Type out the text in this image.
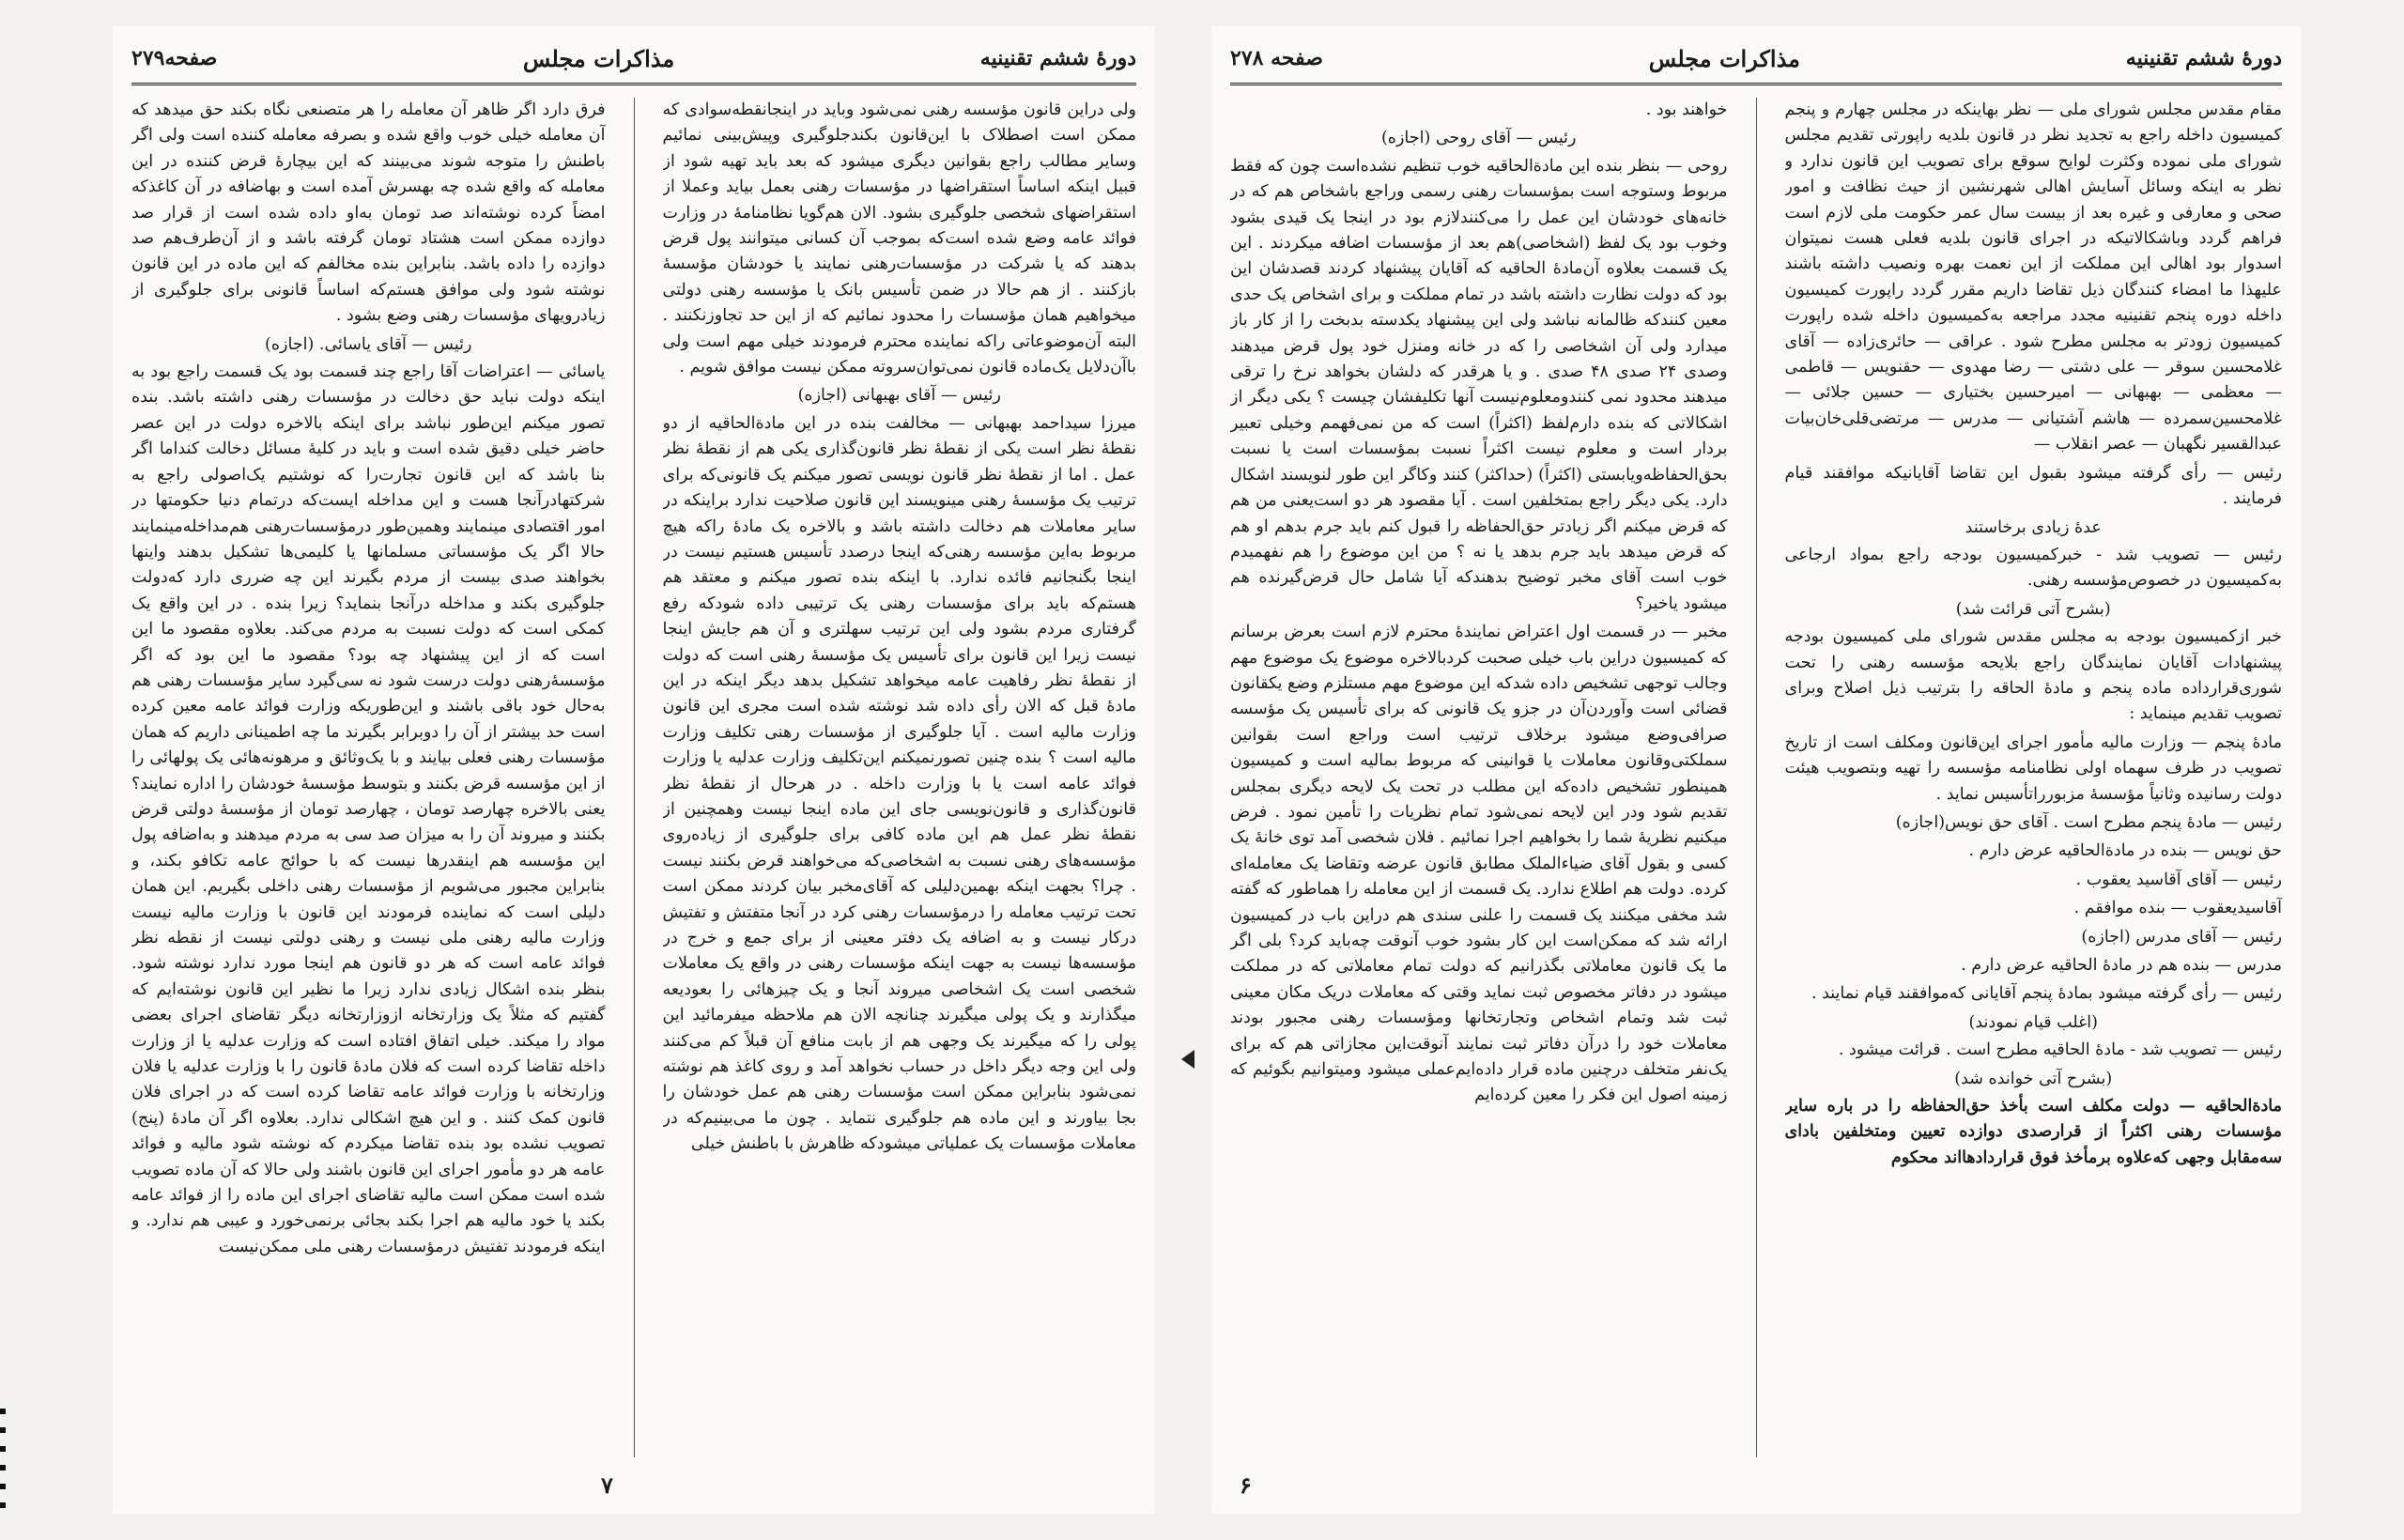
دورهٔ ششم تقنینیه
مذاکرات مجلس
صفحه۲۷۹

ولی دراین قانون مؤسسه رهنی نمی‌شود وباید در اینجانقطه‌سوادی که ممکن است اصطلاک با این‌قانون بکندجلوگیری وپیش‌بینی نمائیم وسایر مطالب راجع بقوانین دیگری میشود که بعد باید تهیه شود از قبیل اینکه اساساً استقراضها در مؤسسات رهنی بعمل بیاید وعملا از استقراضهای شخصی جلوگیری بشود. الان هم‌گویا نظامنامهٔ در وزارت فوائد عامه وضع شده است‌که بموجب آن کسانی میتوانند پول قرض بدهند که یا شرکت در مؤسسات‌رهنی نمایند یا خودشان مؤسسهٔ بازکنند . از هم حالا در ضمن تأسیس بانک یا مؤسسه رهنی دولتی میخواهیم همان مؤسسات را محدود نمائیم که از این حد تجاوزنکنند . البته آن‌موضوعاتی راکه نماینده محترم فرمودند خیلی مهم است ولی باآن‌دلایل یک‌ماده قانون نمی‌توان‌سروته ممکن نیست موافق شویم .

رئیس — آقای بهبهانی (اجازه)

میرزا سیداحمد بهبهانی — مخالفت بنده در این مادة‌الحاقیه از دو نقطهٔ نظر است یکی از نقطهٔ نظر قانون‌گذاری یکی هم از نقطهٔ نظر عمل . اما از نقطهٔ نظر قانون نویسی تصور میکنم یک قانونی‌که برای ترتیب یک مؤسسهٔ رهنی مینویسند این قانون صلاحیت ندارد براینکه در سایر معاملات هم دخالت داشته باشد و بالاخره یک مادهٔ راکه هیچ مربوط به‌این مؤسسه رهنی‌که اینجا درصدد تأسیس هستیم نیست در اینجا بگنجانیم فائده ندارد. با اینکه بنده تصور میکنم و معتقد هم هستم‌که باید برای مؤسسات رهنی یک ترتیبی داده شود‌که رفع گرفتاری مردم بشود ولی این ترتیب سهلتری و آن هم جایش اینجا نیست زیرا این قانون برای تأسیس یک مؤسسهٔ رهنی است که دولت از نقطهٔ نظر رفاهیت عامه میخواهد تشکیل بدهد دیگر اینکه در این مادهٔ قبل که الان رأی داده شد نوشته شده است مجری این قانون وزارت مالیه است . آیا جلوگیری از مؤسسات رهنی تکلیف وزارت مالیه است ؟ بنده چنین تصورنمیکنم این‌تکلیف وزارت عدلیه یا وزارت فوائد عامه است یا با وزارت داخله . در هرحال از نقطهٔ نظر قانون‌گذاری و قانون‌نویسی جای این ماده اینجا نیست وهمچنین از نقطهٔ نظر عمل هم این ماده کافی برای جلوگیری از زیاده‌روی مؤسسه‌های رهنی نسبت به اشخاصی‌که می‌خواهند قرض بکنند نیست . چرا؟ بجهت اینکه بهمین‌دلیلی که آقای‌مخبر بیان کردند ممکن است تحت ترتیب معامله را درمؤسسات رهنی کرد در آنجا متفتش و تفتیش درکار نیست و به اضافه یک دفتر معینی از برای جمع و خرج در مؤسسه‌ها نیست به جهت اینکه مؤسسات رهنی در واقع یک معاملات شخصی است یک اشخاصی میروند آنجا و یک چیزهائی را بعودیعه میگذارند و یک پولی میگیرند چنانچه الان هم ملاحظه میفرمائید این پولی را که میگیرند یک وجهی هم از بابت منافع آن قبلاً کم می‌کنند ولی این وجه دیگر داخل در حساب نخواهد آمد و روی کاغذ هم نوشته نمی‌شود بنابراین ممکن است مؤسسات رهنی هم عمل خودشان را بجا بیاورند و این ماده هم جلوگیری نتماید . چون ما می‌بینیم‌که در معاملات مؤسسات یک عملیاتی میشود‌که ظاهرش با باطنش خیلی

فرق دارد اگر ظاهر آن معامله را هر متصنعی نگاه بکند حق میدهد که آن معامله خیلی خوب واقع شده و بصرفه معامله کننده است ولی اگر باطنش را متوجه شوند می‌بینند که این بیچارهٔ قرض کننده در این معامله که واقع شده چه بهسرش آمده است و بهاضافه در آن کاغذکه امضاً کرده نوشته‌اند صد تومان به‌او داده شده است از قرار صد دوازده ممکن است هشتاد تومان گرفته باشد و از آن‌طرف‌هم صد دوازده را داده باشد. بنابراین بنده مخالفم که این ماده در این قانون نوشته شود ولی موافق هستم‌که اساساً قانونی برای جلوگیری از زیادرویهای مؤسسات رهنی وضع بشود .

رئیس — آقای یاسائی. (اجازه)

یاسائی — اعتراضات آقا راجع چند قسمت بود یک قسمت راجع بود به اینکه دولت نباید حق دخالت در مؤسسات رهنی داشته باشد. بنده تصور میکنم این‌طور نباشد برای اینکه بالاخره دولت در این عصر حاضر خیلی دقیق شده است و باید در کلیهٔ مسائل دخالت کند‌اما اگر بنا باشد که این قانون تجارت‌را که نوشتیم یک‌اصولی راجع به شرکتهادرآنجا هست و این مداخله ایست‌که درتمام دنیا حکومتها در امور اقتصادی مینمایند وهمین‌طور درمؤسسات‌رهنی هم‌مداخله‌مینمایند حالا اگر یک مؤسساتی مسلمانها یا کلیمی‌ها تشکیل بدهند واینها بخواهند صدی بیست از مردم بگیرند این چه ضرری دارد که‌دولت جلوگیری بکند و مداخله درآنجا بنماید؟ زیرا بنده . در این واقع یک کمکی است که دولت نسبت به مردم می‌کند. بعلاوه مقصود ما این است که از این پیشنهاد چه بود؟ مقصود ما این بود که اگر مؤسسهٔ‌رهنی دولت درست شود نه سی‌گیرد سایر مؤسسات رهنی هم به‌حال خود باقی باشند و این‌طوریکه وزارت فوائد عامه معین کرده است حد بیشتر از آن را دوبرابر بگیرند ما چه اطمینانی داریم که همان مؤسسات رهنی فعلی بیایند و با یک‌وثائق و مرهونه‌هائی یک پولهائی را از این مؤسسه قرض بکنند و بتوسط مؤسسهٔ خودشان را اداره نمایند؟ یعنی بالاخره چهارصد تومان ، چهارصد تومان از مؤسسهٔ دولتی قرض بکنند و میروند آن را به میزان صد سی به مردم میدهند و به‌اضافه پول این مؤسسه هم اینقدرها نیست که با حوائج عامه تکافو بکند، و بنابراین مجبور می‌شویم از مؤسسات رهنی داخلی بگیریم. این همان دلیلی است که نماینده فرمودند این قانون با وزارت مالیه نیست وزارت مالیه رهنی ملی نیست و رهنی دولتی نیست از نقطه نظر فوائد عامه است که هر دو قانون هم اینجا مورد ندارد نوشته شود. بنظر بنده اشکال زیادی ندارد زیرا ما نظیر این قانون نوشته‌ایم که گفتیم که مثلاً یک وزارتخانه ازوزارتخانه دیگر تقاضای اجرای بعضی مواد را میکند. خیلی اتفاق افتاده است که وزارت عدلیه یا از وزارت داخله تقاضا کرده است که فلان مادهٔ قانون را با وزارت عدلیه یا فلان وزارتخانه با وزارت فوائد عامه تقاضا کرده است که در اجرای فلان قانون کمک کنند . و این هیچ اشکالی ندارد. بعلاوه اگر آن مادهٔ (پنج) تصویب نشده بود بنده تقاضا میکردم که نوشته شود مالیه و فوائد عامه هر دو مأمور اجرای این قانون باشند ولی حالا که آن ماده تصویب شده است ممکن است مالیه تقاضای اجرای این ماده را از فوائد عامه بکند یا خود مالیه هم اجرا بکند بجائی برنمی‌خورد و عیبی هم ندارد. و اینکه فرمودند تفتیش درمؤسسات رهنی ملی ممکن‌نیست

۷
دورهٔ ششم تقنینیه
مذاکرات مجلس
صفحه ۲۷۸

مقام مقدس مجلس شورای ملی — نظر بهاینکه در مجلس چهارم و پنجم کمیسیون داخله راجع به تجدید نظر در قانون بلدیه راپورتی تقدیم مجلس شورای ملی نموده وکثرت لوایح سوقع برای تصویب این قانون ندارد و نظر به اینکه وسائل آسایش اهالی شهرنشین از حیث نظافت و امور صحی و معارفی و غیره بعد از بیست سال عمر حکومت ملی لازم است فراهم گردد وباشکالاتیکه در اجرای قانون بلدیه فعلی هست نمیتوان اسدوار بود اهالی این مملکت از این نعمت بهره ونصیب داشته باشند علیهذا ما امضاء کنندگان ذیل تقاضا داریم مقرر گردد راپورت کمیسیون داخله دوره پنجم تقنینیه مجدد مراجعه به‌کمیسیون داخله شده راپورت کمیسیون زودتر به مجلس مطرح شود . عراقی — حائری‌زاده — آقای غلامحسین سوقر — علی دشتی — رضا مهدوی — حقنویس — قاطمی — معظمی — بهبهانی — امیرحسین بختیاری — حسین جلائی — غلامحسین‌سمرده — هاشم آشتیانی — مدرس — مرتضی‌قلی‌خان‌بیات عبدالقسیر نگهبان — عصر انقلاب —

رئیس — رأی گرفته میشود بقبول این تقاضا آقایانیکه موافقند قیام فرمایند .

عدهٔ زیادی برخاستند

رئیس — تصویب شد - خبرکمیسیون بودجه راجع بمواد ارجاعی به‌کمیسیون در خصوص‌مؤسسه رهنی.

(بشرح آتی قرائت شد)

خبر ازکمیسیون بودجه به مجلس مقدس شورای ملی کمیسیون بودجه پیشنهادات آقایان نمایندگان راجع بلایحه مؤسسه رهنی را تحت شوری‌قرارداده ماده پنجم و مادهٔ الحاقه را بترتیب ذیل اصلاح وبرای تصویب تقدیم مینماید :

مادهٔ پنجم — وزارت مالیه مأمور اجرای این‌قانون ومکلف است از تاریخ تصویب در ظرف سهماه اولی نظامنامه مؤسسه را تهیه وبتصویب هیئت دولت رسانیده وثانیاً مؤسسهٔ مزبوررا‌تأسیس نماید .

رئیس — مادهٔ پنجم مطرح است . آقای حق نویس(اجازه)

حق نویس — بنده در مادة‌الحاقیه عرض دارم .

رئیس — آقای آقاسید یعقوب .

آقاسیدیعقوب — بنده موافقم .

رئیس — آقای مدرس (اجازه)

مدرس — بنده هم در مادهٔ الحاقیه عرض دارم .

رئیس — رأی گرفته میشود بمادهٔ پنجم آقایانی که‌موافقند قیام نمایند .

(اغلب قیام نمودند)

رئیس — تصویب شد - مادهٔ الحاقیه مطرح است . قرائت میشود .

(بشرح آتی خوانده شد)

مادةالحاقیه — دولت مکلف است بأخذ حق‌الحفاظه را در باره سایر مؤسسات رهنی اکثراً از قرارصدی دوازده تعیین ومتخلفین بادای سه‌مقابل وجهی که‌علاوه برمأخذ فوق قراردادها‌اند محکوم

خواهند بود .

رئیس — آقای روحی (اجازه)

روحی — بنظر بنده این مادة‌الحاقیه خوب تنظیم نشده‌است چون که فقط مربوط وستوجه است بمؤسسات رهنی رسمی وراجع باشخاص هم که در خانه‌های خودشان این عمل را می‌کنندلازم بود در اینجا یک قیدی بشود وخوب بود یک لفظ (اشخاصی)هم بعد از مؤسسات اضافه میکردند . این یک قسمت بعلاوه آن‌مادهٔ الحاقیه که آقایان پیشنهاد کردند قصدشان این بود که دولت نظارت داشته باشد در تمام مملکت و برای اشخاص یک حدی معین کنند‌که ظالمانه نباشد ولی این پیشنهاد یکدسته بدبخت را از کار باز میدارد ولی آن اشخاصی را که در خانه ومنزل خود پول قرض میدهند وصدی ۲۴ صدی ۴۸ صدی . و یا هرقدر که دلشان بخواهد نرخ را ترقی میدهند محدود نمی کنندومعلوم‌نیست آنها تکلیفشان چیست ؟ یکی دیگر از اشکالاتی که بنده دارم‌لفظ (اکثراً) است که من نمی‌فهمم وخیلی تعبیر بردار است و معلوم نیست اکثراً نسبت بمؤسسات است یا نسبت بحق‌الحفاظه‌ویابستی (اکثراً) (حداکثر) کنند وکاگر این طور لنویسند اشکال دارد. یکی دیگر راجع بمتخلفین است . آیا مقصود هر دو است‌یعنی من هم که قرض میکنم اگر زیادتر حق‌الحفاظه را قبول کنم باید جرم بدهم او هم که قرض میدهد باید جرم بدهد یا نه ؟ من این موضوع را هم نفهمیدم خوب است آقای مخبر توضیح بدهندکه آیا شامل حال قرض‌گیرنده هم میشود یاخیر؟

مخبر — در قسمت اول اعتراض نمایندهٔ محترم لازم است بعرض برسانم که کمیسیون دراین باب خیلی صحبت کردبالاخره موضوع یک موضوع مهم وجالب توجهی تشخیص داده شدکه این موضوع مهم مستلزم وضع یکقانون قضائی است وآوردن‌آن در جزو یک قانونی که برای تأسیس یک مؤسسه صرافی‌وضع میشود برخلاف ترتیب است وراجع است بقوانین سملکتی‌وقانون معاملات یا قوانینی که مربوط بمالیه است و کمیسیون همینطور تشخیص داده‌که این مطلب در تحت یک لایحه دیگری بمجلس تقدیم شود ودر این لایحه نمی‌شود تمام نظریات را تأمین نمود . فرض میکنیم نظریهٔ شما را بخواهیم اجرا نمائیم . فلان شخصی آمد توی خانهٔ یک کسی و بقول آقای ضیاءالملک مطابق قانون عرضه وتقاضا یک معامله‌ای کرده. دولت هم اطلاع ندارد. یک قسمت از این معامله را هماطور که گفته شد مخفی میکنند یک قسمت را علنی سندی هم دراین باب در کمیسیون ارائه شد که ممکن‌است این کار بشود خوب آنوقت چه‌باید کرد؟ بلی اگر ما یک قانون معاملاتی بگذرانیم که دولت تمام معاملاتی که در مملکت میشود در دفاتر مخصوص ثبت نماید وقتی که معاملات دریک مکان معینی ثبت شد وتمام اشخاص وتجارتخانها ومؤسسات رهنی مجبور بودند معاملات خود را درآن دفاتر ثبت نمایند آنوقت‌این مجازاتی هم که برای یک‌نفر متخلف درچنین ماده قرار داده‌ایم‌عملی میشود ومیتوانیم بگوئیم که زمینه اصول این فکر را معین کرده‌ایم

۶
